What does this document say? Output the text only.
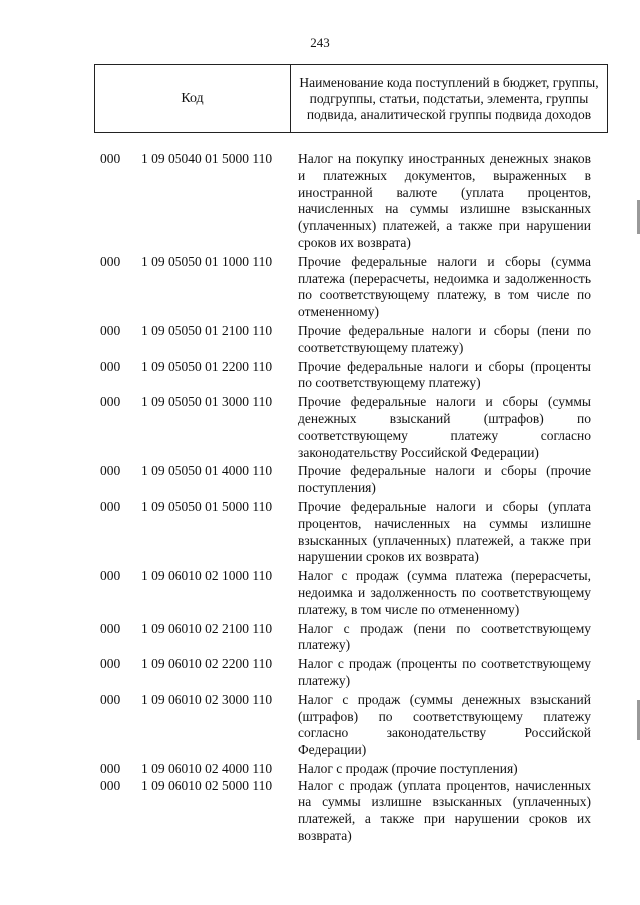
243
Код
Наименование кода поступлений в бюджет, группы, подгруппы, статьи, подстатьи, элемента, группы подвида, аналитической группы подвида доходов
000	1 09 05040 01 5000 110	Налог на покупку иностранных денежных знаков и платежных документов, выраженных в иностранной валюте (уплата процентов, начисленных на суммы излишне взысканных (уплаченных) платежей, а также при нарушении сроков их возврата)
000	1 09 05050 01 1000 110	Прочие федеральные налоги и сборы (сумма платежа (перерасчеты, недоимка и задолженность по соответствующему платежу, в том числе по отмененному)
000	1 09 05050 01 2100 110	Прочие федеральные налоги и сборы (пени по соответствующему платежу)
000	1 09 05050 01 2200 110	Прочие федеральные налоги и сборы (проценты по соответствующему платежу)
000	1 09 05050 01 3000 110	Прочие федеральные налоги и сборы (суммы денежных взысканий (штрафов) по соответствующему платежу согласно законодательству Российской Федерации)
000	1 09 05050 01 4000 110	Прочие федеральные налоги и сборы (прочие поступления)
000	1 09 05050 01 5000 110	Прочие федеральные налоги и сборы (уплата процентов, начисленных на суммы излишне взысканных (уплаченных) платежей, а также при нарушении сроков их возврата)
000	1 09 06010 02 1000 110	Налог с продаж (сумма платежа (перерасчеты, недоимка и задолженность по соответствующему платежу, в том числе по отмененному)
000	1 09 06010 02 2100 110	Налог с продаж (пени по соответствующему платежу)
000	1 09 06010 02 2200 110	Налог с продаж (проценты по соответствующему платежу)
000	1 09 06010 02 3000 110	Налог с продаж (суммы денежных взысканий (штрафов) по соответствующему платежу согласно законодательству Российской Федерации)
000	1 09 06010 02 4000 110	Налог с продаж (прочие поступления)
000	1 09 06010 02 5000 110	Налог с продаж (уплата процентов, начисленных на суммы излишне взысканных (уплаченных) платежей, а также при нарушении сроков их возврата)
